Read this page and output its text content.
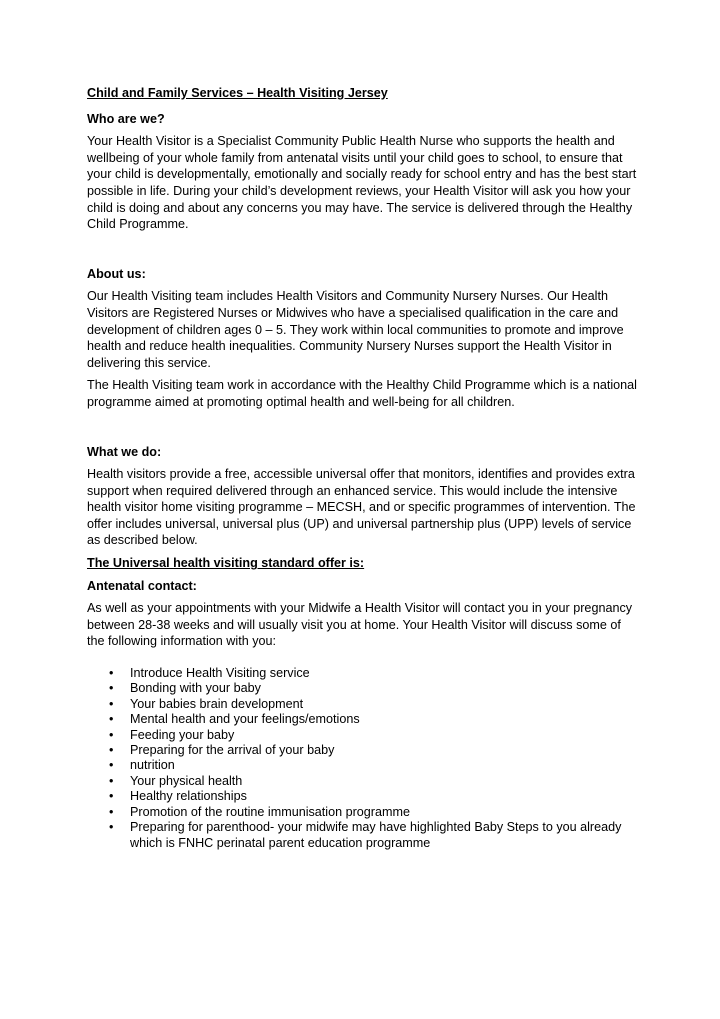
Child and Family Services – Health Visiting Jersey
Who are we?
Your Health Visitor is a Specialist Community Public Health Nurse who supports the health and wellbeing of your whole family from antenatal visits until your child goes to school, to ensure that your child is developmentally, emotionally and socially ready for school entry and has the best start possible in life. During your child’s development reviews, your Health Visitor will ask you how your child is doing and about any concerns you may have. The service is delivered through the Healthy Child Programme.
About us:
Our Health Visiting team includes Health Visitors and Community Nursery Nurses. Our Health Visitors are Registered Nurses or Midwives who have a specialised qualification in the care and development of children ages 0 – 5. They work within local communities to promote and improve health and reduce health inequalities. Community Nursery Nurses support the Health Visitor in delivering this service.
The Health Visiting team work in accordance with the Healthy Child Programme which is a national programme aimed at promoting optimal health and well-being for all children.
What we do:
Health visitors provide a free, accessible universal offer that monitors, identifies and provides extra support when required delivered through an enhanced service. This would include the intensive health visitor home visiting programme – MECSH, and or specific programmes of intervention. The offer includes universal, universal plus (UP) and universal partnership plus (UPP) levels of service as described below.
The Universal health visiting standard offer is:
Antenatal contact:
As well as your appointments with your Midwife a Health Visitor will contact you in your pregnancy between 28-38 weeks and will usually visit you at home. Your Health Visitor will discuss some of the following information with you:
• Introduce Health Visiting service
• Bonding with your baby
• Your babies brain development
• Mental health and your feelings/emotions
• Feeding your baby
• Preparing for the arrival of your baby
• nutrition
• Your physical health
• Healthy relationships
• Promotion of the routine immunisation programme
• Preparing for parenthood- your midwife may have highlighted Baby Steps to you already which is FNHC perinatal parent education programme
